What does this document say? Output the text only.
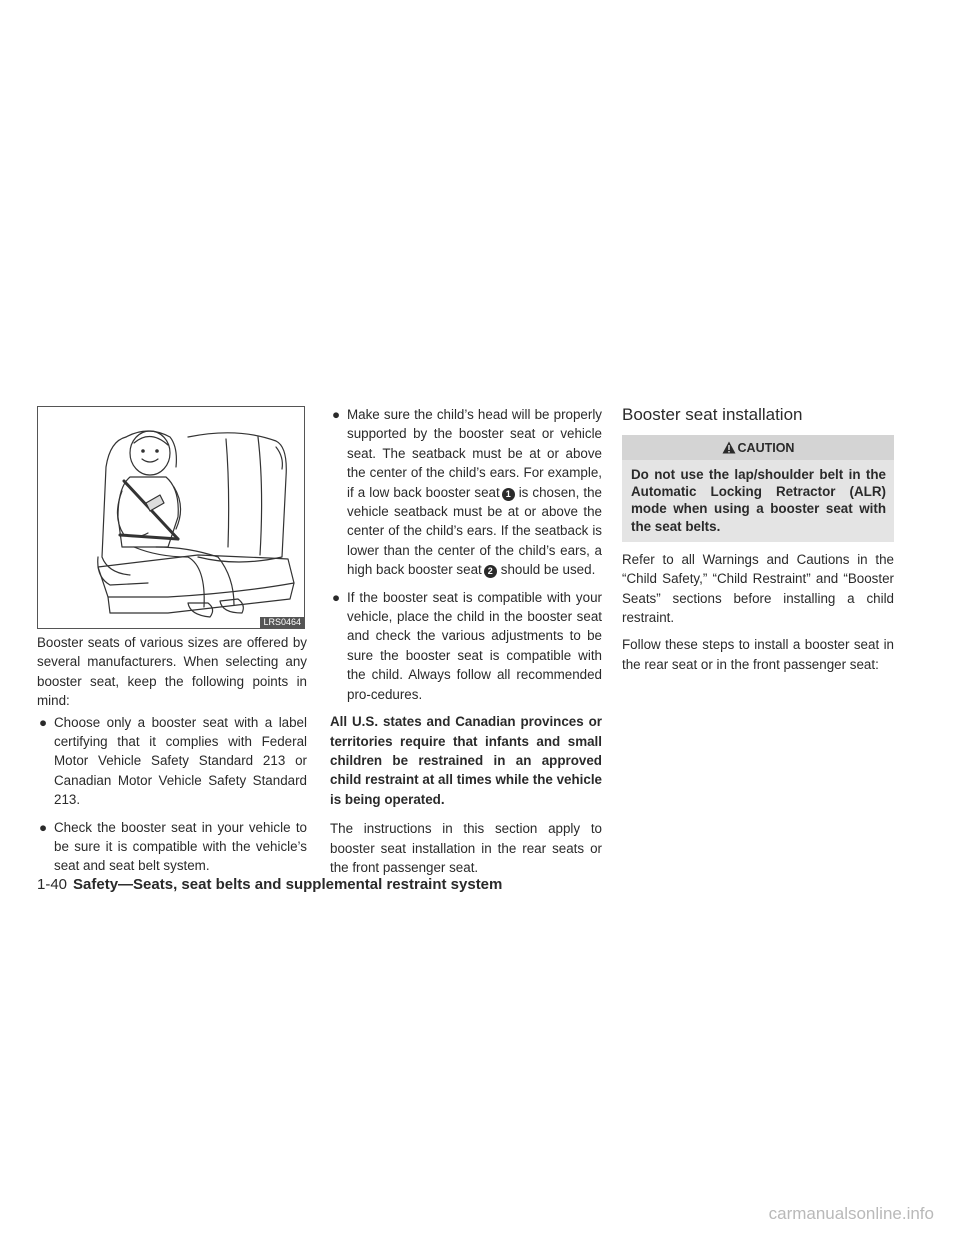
LRS0464

Booster seats of various sizes are offered by several manufacturers. When selecting any booster seat, keep the following points in mind:

● Choose only a booster seat with a label certifying that it complies with Federal Motor Vehicle Safety Standard 213 or Canadian Motor Vehicle Safety Standard 213.
● Check the booster seat in your vehicle to be sure it is compatible with the vehicle’s seat and seat belt system.
● Make sure the child’s head will be properly supported by the booster seat or vehicle seat. The seatback must be at or above the center of the child’s ears. For example, if a low back booster seat 1 is chosen, the vehicle seatback must be at or above the center of the child’s ears. If the seatback is lower than the center of the child’s ears, a high back booster seat 2 should be used.
● If the booster seat is compatible with your vehicle, place the child in the booster seat and check the various adjustments to be sure the booster seat is compatible with the child. Always follow all recommended pro-cedures.

All U.S. states and Canadian provinces or territories require that infants and small children be restrained in an approved child restraint at all times while the vehicle is being operated.

The instructions in this section apply to booster seat installation in the rear seats or the front passenger seat.

Booster seat installation
CAUTION
Do not use the lap/shoulder belt in the Automatic Locking Retractor (ALR) mode when using a booster seat with the seat belts.

Refer to all Warnings and Cautions in the “Child Safety,” “Child Restraint” and “Booster Seats” sections before installing a child restraint.

Follow these steps to install a booster seat in the rear seat or in the front passenger seat:

1-40 Safety—Seats, seat belts and supplemental restraint system
carmanualsonline.info
